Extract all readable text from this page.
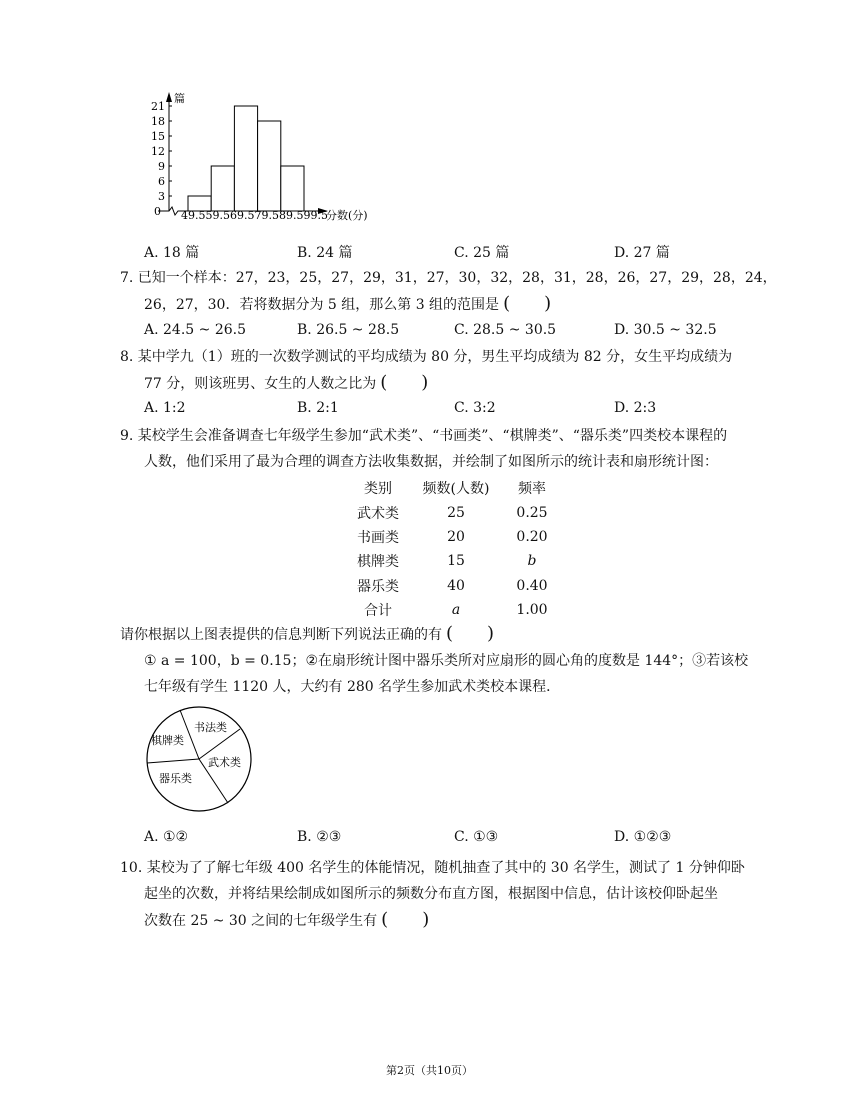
3
6
9
12
15
18
21
篇
0 49.559.569.579.589.599.5
分数(分)
A. 18 篇	B. 24 篇	C. 25 篇	D. 27 篇
7. 已知一个样本：27，23，25，27，29，31，27，30，32，28，31，28，26，27，29，28，24，
26，27，30．若将数据分为 5 组，那么第 3 组的范围是 ( )
A. 24.5 ~ 26.5	B. 26.5 ~ 28.5	C. 28.5 ~ 30.5	D. 30.5 ~ 32.5
8. 某中学九（1）班的一次数学测试的平均成绩为 80 分，男生平均成绩为 82 分，女生平均成绩为
77 分，则该班男、女生的人数之比为 ( )
A. 1:2	B. 2:1	C. 3:2	D. 2:3
9. 某校学生会准备调查七年级学生参加“武术类”、“书画类”、“棋牌类”、“器乐类”四类校本课程的
人数，他们采用了最为合理的调查方法收集数据，并绘制了如图所示的统计表和扇形统计图：
类别	频数(人数)	频率
武术类	25	0.25
书画类	20	0.20
棋牌类	15	b
器乐类	40	0.40
合计	a	1.00
请你根据以上图表提供的信息判断下列说法正确的有 ( )
① a = 100，b = 0.15；②在扇形统计图中器乐类所对应扇形的圆心角的度数是 144°；③若该校
七年级有学生 1120 人，大约有 280 名学生参加武术类校本课程．
书法类
棋牌类
武术类
器乐类
A. ①②	B. ②③	C. ①③	D. ①②③
10. 某校为了了解七年级 400 名学生的体能情况，随机抽查了其中的 30 名学生，测试了 1 分钟仰卧
起坐的次数，并将结果绘制成如图所示的频数分布直方图，根据图中信息，估计该校仰卧起坐
次数在 25 ~ 30 之间的七年级学生有 ( )
第2页（共10页）
